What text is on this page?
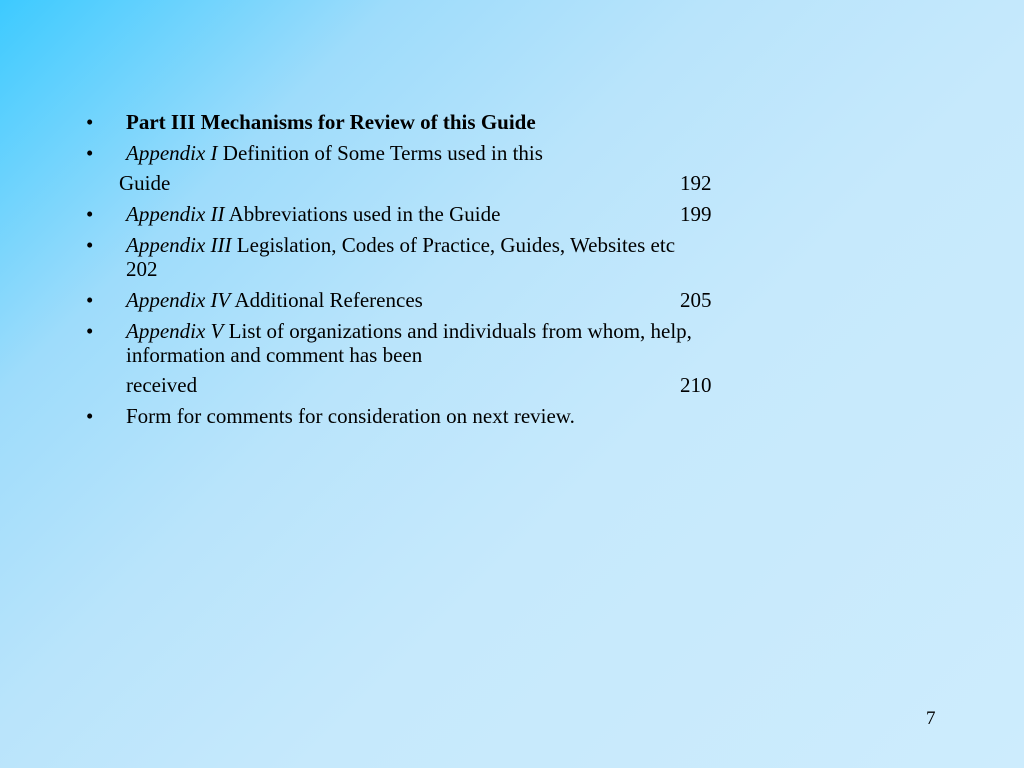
• Part III Mechanisms for Review of this Guide
• Appendix I Definition of Some Terms used in this
Guide	192
• Appendix II Abbreviations used in the Guide	199
• Appendix III Legislation, Codes of Practice, Guides, Websites etc
202
• Appendix IV Additional References	205
• Appendix V List of organizations and individuals from whom, help,
information and comment has been
received	210
• Form for comments for consideration on next review.
7
